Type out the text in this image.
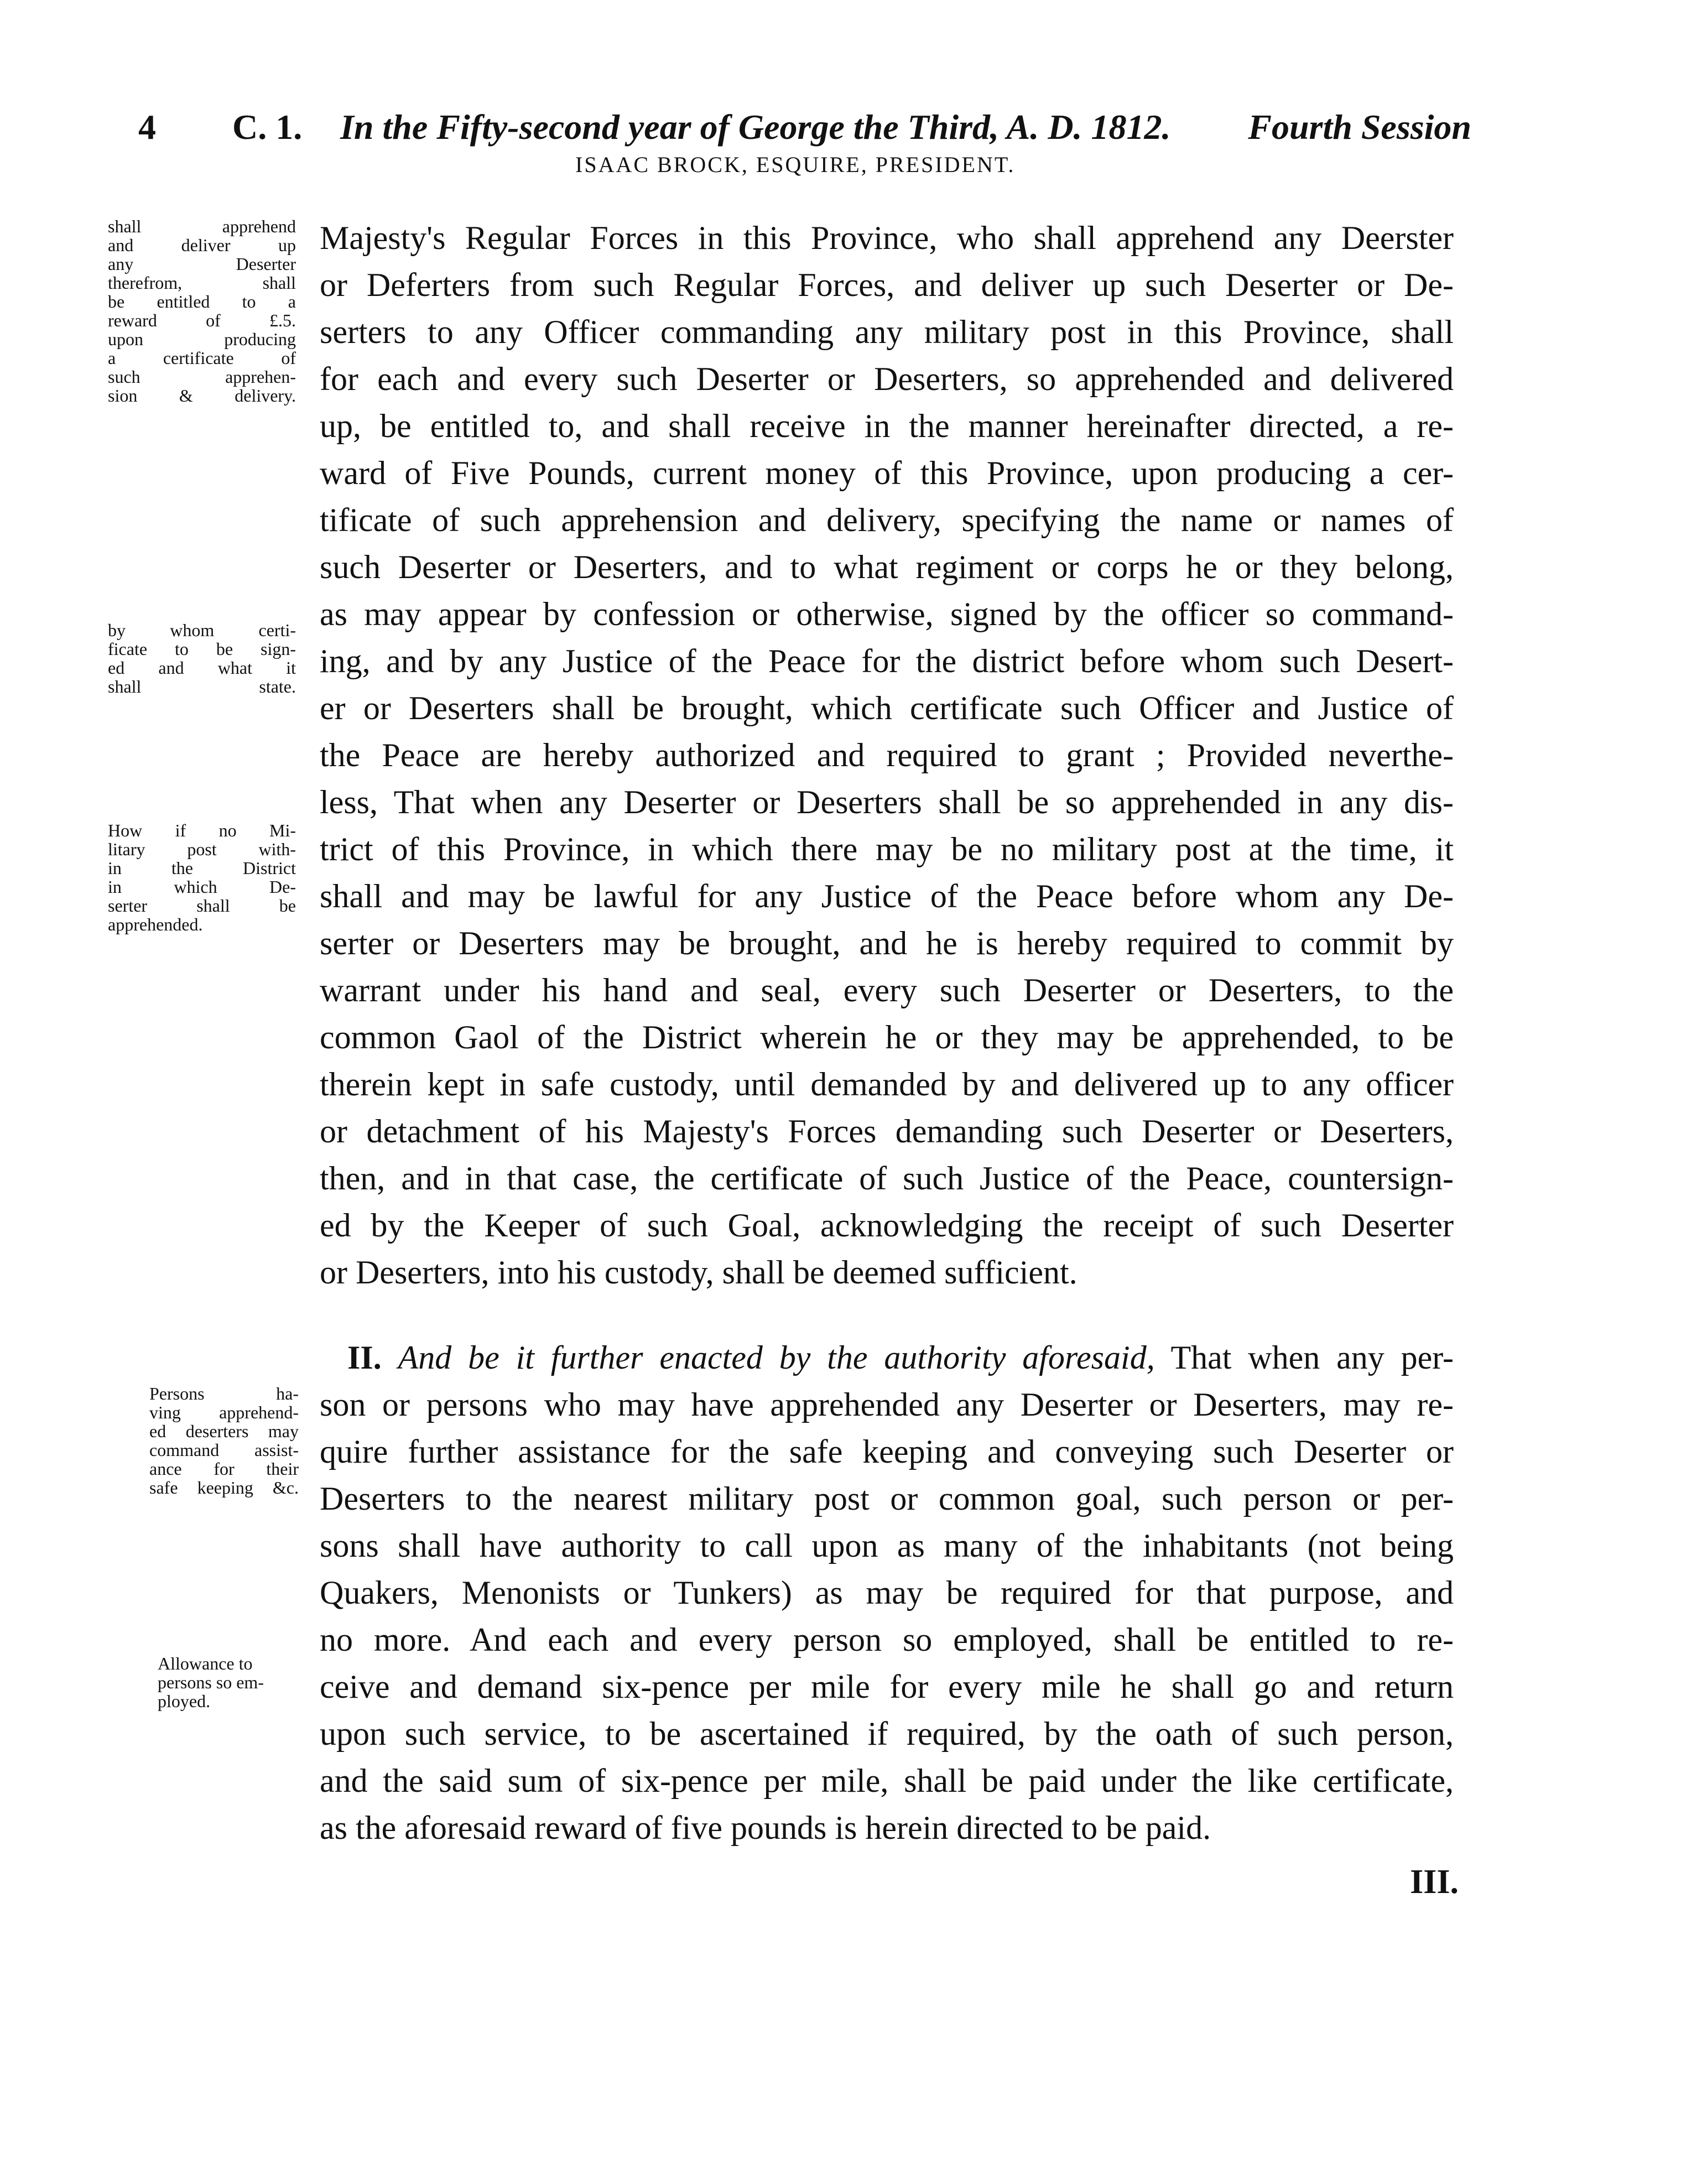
4 C. 1. In the Fifty-second year of George the Third, A. D. 1812. Fourth Session
ISAAC BROCK, ESQUIRE, PRESIDENT.
shall apprehend
and deliver up
any Deserter
therefrom, shall
be entitled to a
reward of £.5.
upon producing
a certificate of
such apprehen-
sion & delivery.
by whom certi-
ficate to be sign-
ed and what it
shall state.
How if no Mi-
litary post with-
in the District
in which De-
serter shall be
apprehended.
Persons ha-
ving apprehend-
ed deserters may
command assist-
ance for their
safe keeping &c.
Allowance to
persons so em-
ployed.
Majesty's Regular Forces in this Province, who shall apprehend any Deerster
or Deferters from such Regular Forces, and deliver up such Deserter or De-
serters to any Officer commanding any military post in this Province, shall
for each and every such Deserter or Deserters, so apprehended and delivered
up, be entitled to, and shall receive in the manner hereinafter directed, a re-
ward of Five Pounds, current money of this Province, upon producing a cer-
tificate of such apprehension and delivery, specifying the name or names of
such Deserter or Deserters, and to what regiment or corps he or they belong,
as may appear by confession or otherwise, signed by the officer so command-
ing, and by any Justice of the Peace for the district before whom such Desert-
er or Deserters shall be brought, which certificate such Officer and Justice of
the Peace are hereby authorized and required to grant ; Provided neverthe-
less, That when any Deserter or Deserters shall be so apprehended in any dis-
trict of this Province, in which there may be no military post at the time, it
shall and may be lawful for any Justice of the Peace before whom any De-
serter or Deserters may be brought, and he is hereby required to commit by
warrant under his hand and seal, every such Deserter or Deserters, to the
common Gaol of the District wherein he or they may be apprehended, to be
therein kept in safe custody, until demanded by and delivered up to any officer
or detachment of his Majesty's Forces demanding such Deserter or Deserters,
then, and in that case, the certificate of such Justice of the Peace, countersign-
ed by the Keeper of such Goal, acknowledging the receipt of such Deserter
or Deserters, into his custody, shall be deemed sufficient.
II. And be it further enacted by the authority aforesaid, That when any per-
son or persons who may have apprehended any Deserter or Deserters, may re-
quire further assistance for the safe keeping and conveying such Deserter or
Deserters to the nearest military post or common goal, such person or per-
sons shall have authority to call upon as many of the inhabitants (not being
Quakers, Menonists or Tunkers) as may be required for that purpose, and
no more. And each and every person so employed, shall be entitled to re-
ceive and demand six-pence per mile for every mile he shall go and return
upon such service, to be ascertained if required, by the oath of such person,
and the said sum of six-pence per mile, shall be paid under the like certificate,
as the aforesaid reward of five pounds is herein directed to be paid.
III.
